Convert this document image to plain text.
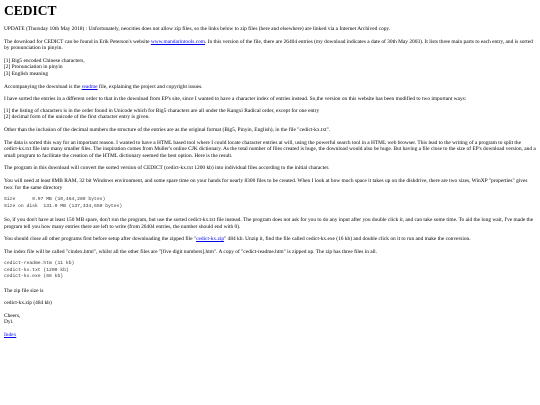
CEDICT

UPDATE (Thursday 10th May 2018) : Unfortunately, neocities does not allow zip files, so the links below to zip files (here and elsewhere) are linked via a Internet Archived copy.

The download for CEDICT can be found in Erik Peterson's website www.mandarintools.com. In this version of the file, there are 26404 entries (my download indicates a date of 30th May 2003). It lists three main parts to each entry, and is sorted by pronunciation in pinyin.

[1] Big5 encoded Chinese characters,
[2] Pronunciation in pinyin
[3] English meaning

Accompanying the download is the readme file, explaining the project and copyright issues.

I have sorted the entries in a different order to that in the download from EP's site, since I wanted to have a character index of entries instead. So,the version on this website has been modified to two important ways:

[1] the listing of characters is in the order found in Unicode which for Big5 characters are all under the Kangxi Radical order, except for one entry
[2] decimal form of the unicode of the first character entry is given.

Other than the inclusion of the decimal numbers the structure of the entries are as the original format (Big5, Pinyin, English), in the file "cedict-kx.txt".

The data is sorted this way for an important reason. I wanted to have a HTML based tool where I could locate character entries at will, using the powerful search tool in a HTML web browser. This lead to the writing of a program to split the cedict-kx.txt file into many smaller files. The inspiration comes from Muller's online CJK dictionary. As the total number of files created is huge, the download would also be huge. But having a file close to the size of EP's download version, and a small program to facilitate the creation of the HTML dictionary seemed the best option. Here is the result.

The program in this download will convert the sorted version of CEDICT (cedict-kx.txt 1200 kb) into individual files according to the initial character.

You will need at least 8MB RAM, 32 bit Windows environment, and some spare time on your hands for nearly 8300 files to be created. When I look at how much space it takes up on the diskdrive, there are two sizes, WinXP "properties" gives two: for the same directory

Size      9.97 MB (10,464,289 bytes)
Size on disk  131.0 MB (137,334,650 bytes)

So, if you don't have at least 150 MB spare, don't run the program, but use the sorted cedict-kx.txt file instead. The program does not ask for you to do any input after you double click it, and can take some time. To aid the long wait, I've made the program tell you how many entries there are left to write (from 26404 entries, the number should end with 0).

You should close all other programs first before setup after downloading the zipped file "cedict-kx.zip" 484 kb. Unzip it, find the file called cedict-kx.exe (16 kb) and double click on it to run and make the conversion.

The index file will be called "cindex.html", whilst all the other files are "[five digit numbers].htm". A copy of "cedict-readme.htm" is zipped up. The zip has three files in all.

cedict-readme.htm (11 kb)
cedict-kx.txt (1200 kb)
cedict-kx.exe (66 kb)

The zip file size is

cedict-kx.zip (484 kb)

Cheers,
Dyl.

Index
